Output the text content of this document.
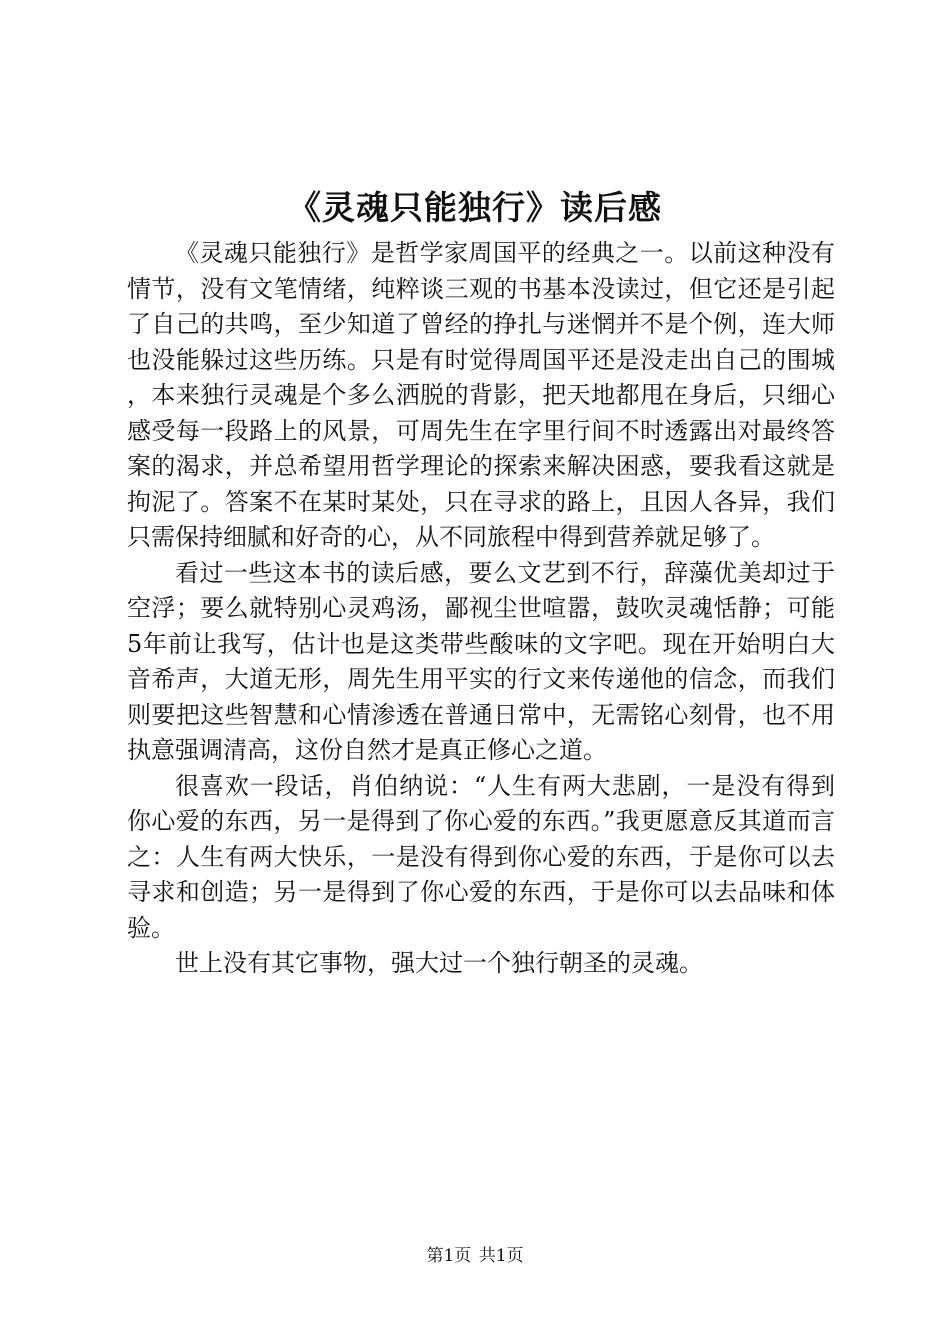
《灵魂只能独行》读后感

《灵魂只能独行》是哲学家周国平的经典之一。以前这种没有情节，没有文笔情绪，纯粹谈三观的书基本没读过，但它还是引起了自己的共鸣，至少知道了曾经的挣扎与迷惘并不是个例，连大师也没能躲过这些历练。只是有时觉得周国平还是没走出自己的围城，本来独行灵魂是个多么洒脱的背影，把天地都甩在身后，只细心感受每一段路上的风景，可周先生在字里行间不时透露出对最终答案的渴求，并总希望用哲学理论的探索来解决困惑，要我看这就是拘泥了。答案不在某时某处，只在寻求的路上，且因人各异，我们只需保持细腻和好奇的心，从不同旅程中得到营养就足够了。

看过一些这本书的读后感，要么文艺到不行，辞藻优美却过于空浮；要么就特别心灵鸡汤，鄙视尘世喧嚣，鼓吹灵魂恬静；可能5年前让我写，估计也是这类带些酸味的文字吧。现在开始明白大音希声，大道无形，周先生用平实的行文来传递他的信念，而我们则要把这些智慧和心情渗透在普通日常中，无需铭心刻骨，也不用执意强调清高，这份自然才是真正修心之道。

很喜欢一段话，肖伯纳说：“人生有两大悲剧，一是没有得到你心爱的东西，另一是得到了你心爱的东西。”我更愿意反其道而言之：人生有两大快乐，一是没有得到你心爱的东西，于是你可以去寻求和创造；另一是得到了你心爱的东西，于是你可以去品味和体验。

世上没有其它事物，强大过一个独行朝圣的灵魂。

第1页 共1页
